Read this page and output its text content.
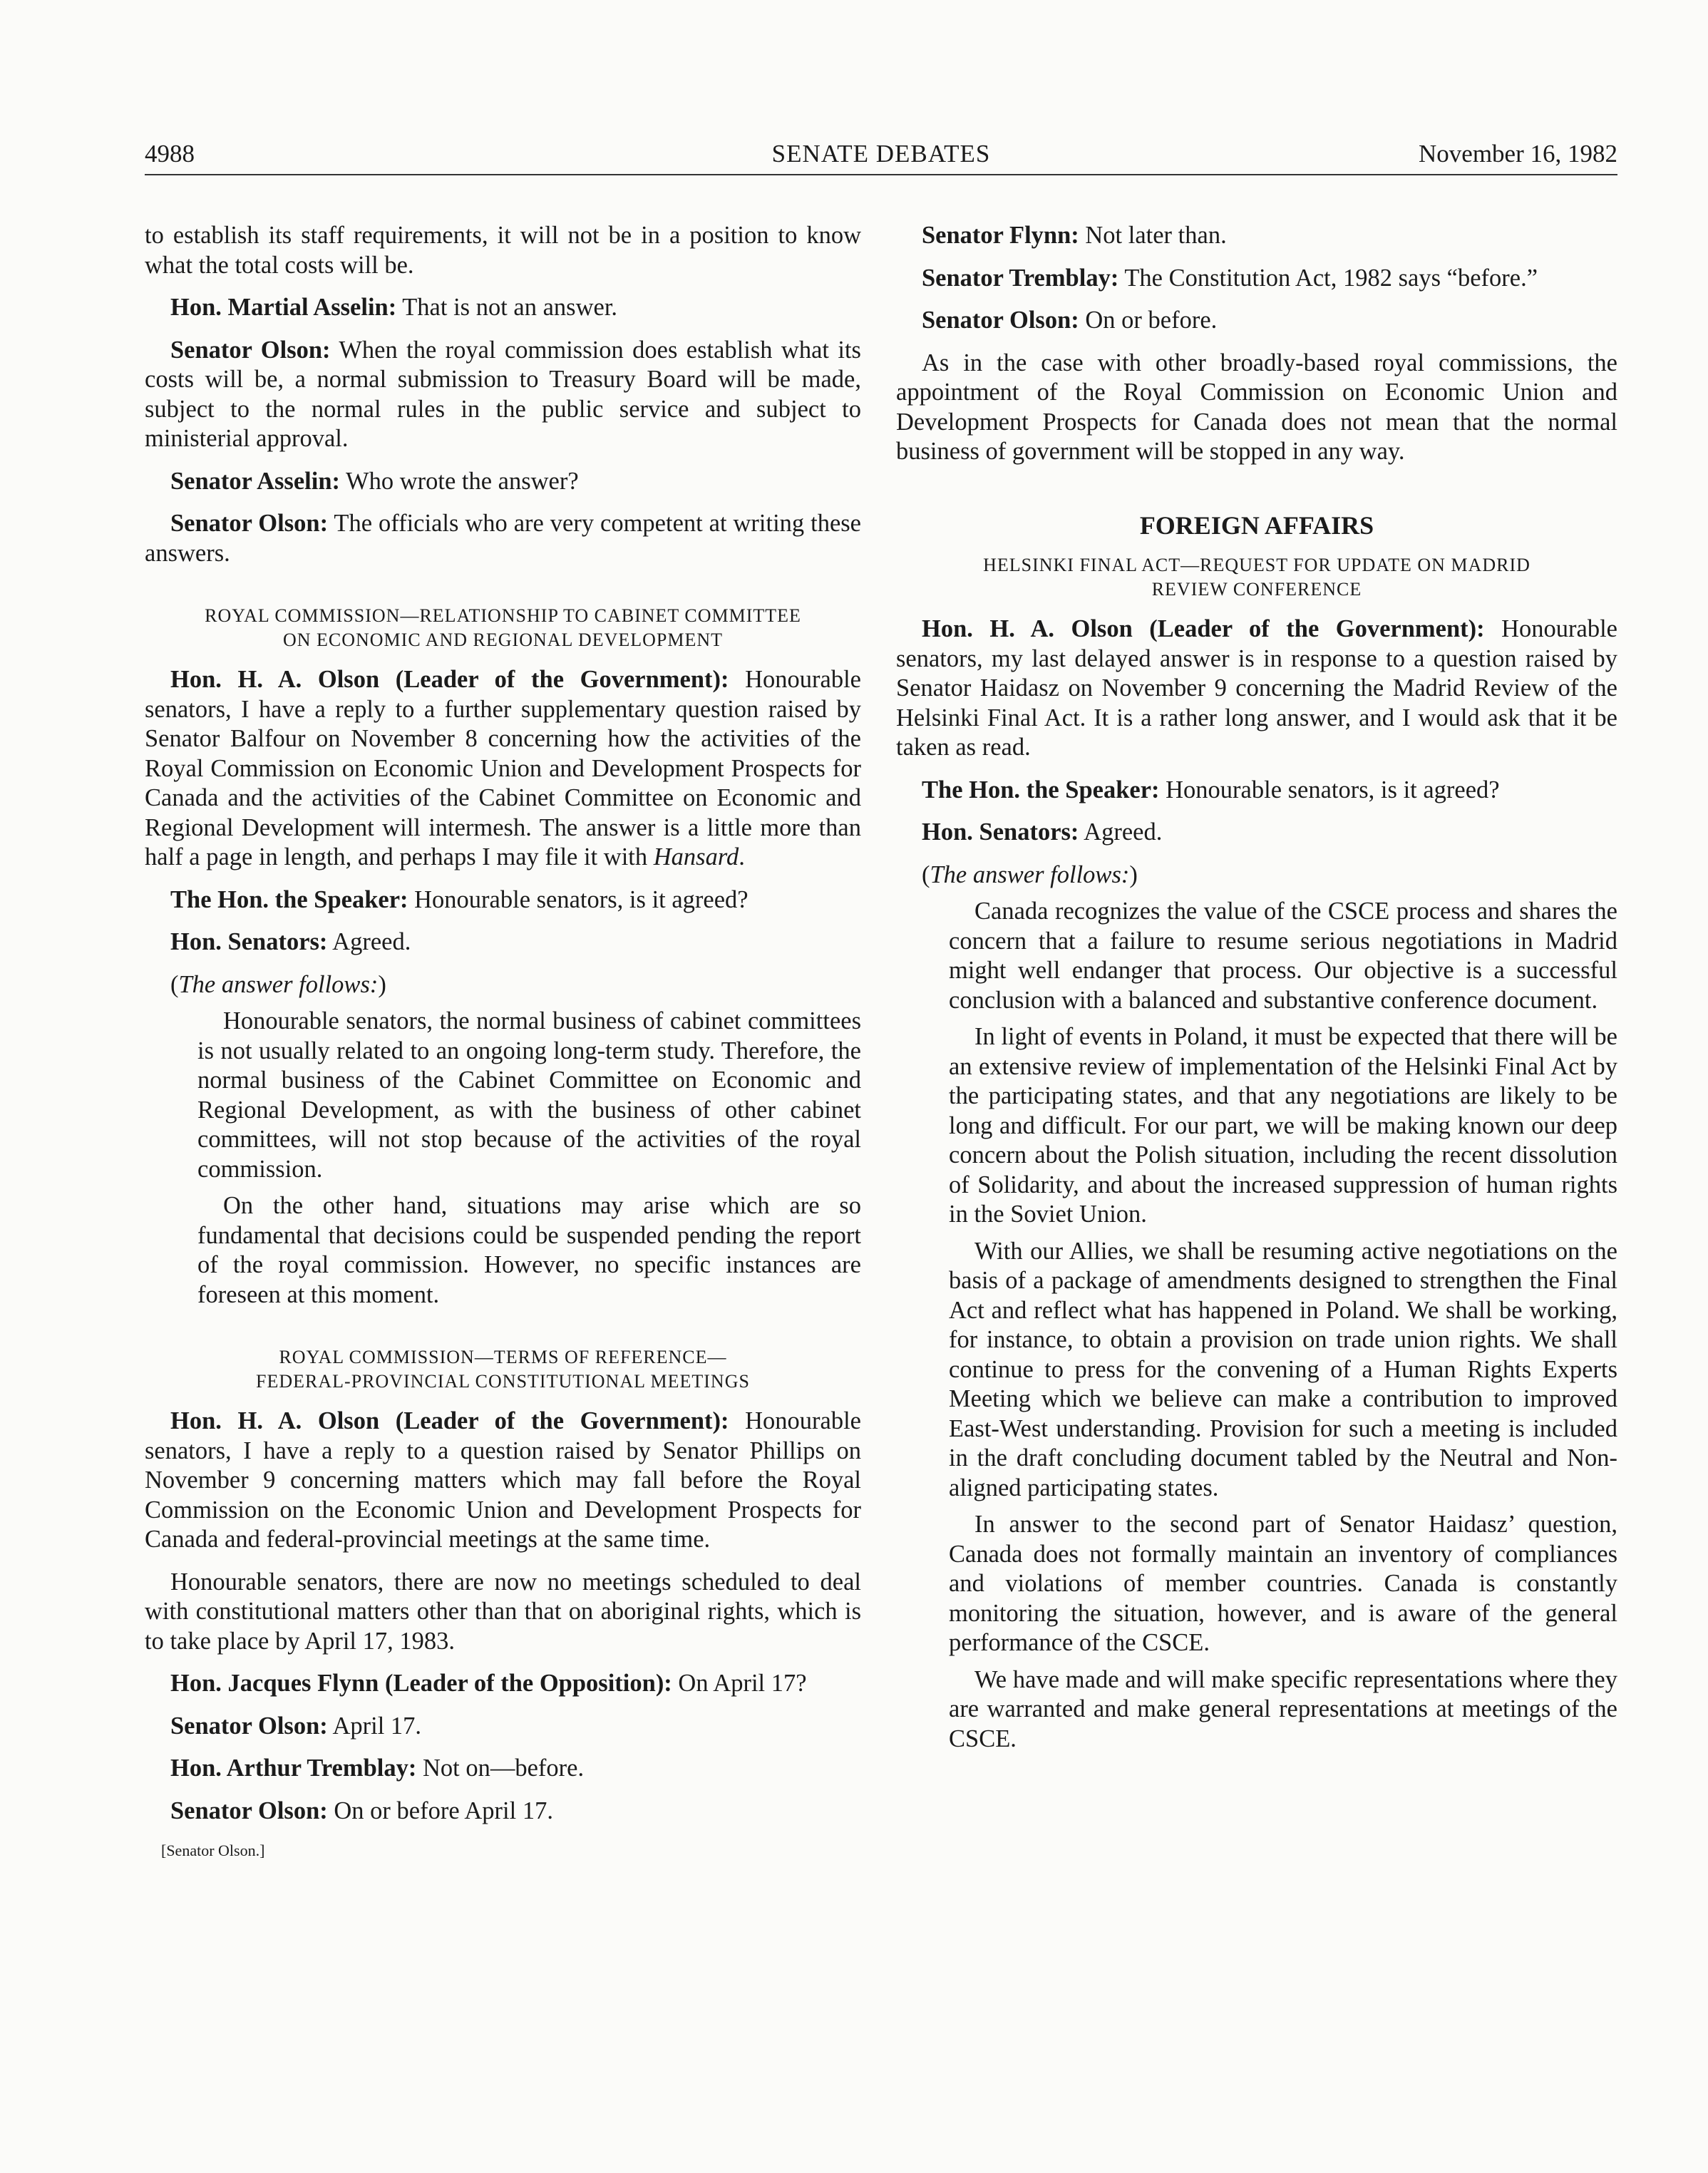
4988	SENATE DEBATES	November 16, 1982

to establish its staff requirements, it will not be in a position to know what the total costs will be.

Hon. Martial Asselin: That is not an answer.

Senator Olson: When the royal commission does establish what its costs will be, a normal submission to Treasury Board will be made, subject to the normal rules in the public service and subject to ministerial approval.

Senator Asselin: Who wrote the answer?

Senator Olson: The officials who are very competent at writing these answers.

ROYAL COMMISSION—RELATIONSHIP TO CABINET COMMITTEE
ON ECONOMIC AND REGIONAL DEVELOPMENT

Hon. H. A. Olson (Leader of the Government): Honourable senators, I have a reply to a further supplementary question raised by Senator Balfour on November 8 concerning how the activities of the Royal Commission on Economic Union and Development Prospects for Canada and the activities of the Cabinet Committee on Economic and Regional Development will intermesh. The answer is a little more than half a page in length, and perhaps I may file it with Hansard.

The Hon. the Speaker: Honourable senators, is it agreed?

Hon. Senators: Agreed.

(The answer follows:)

Honourable senators, the normal business of cabinet committees is not usually related to an ongoing long-term study. Therefore, the normal business of the Cabinet Committee on Economic and Regional Development, as with the business of other cabinet committees, will not stop because of the activities of the royal commission.

On the other hand, situations may arise which are so fundamental that decisions could be suspended pending the report of the royal commission. However, no specific instances are foreseen at this moment.

ROYAL COMMISSION—TERMS OF REFERENCE—
FEDERAL-PROVINCIAL CONSTITUTIONAL MEETINGS

Hon. H. A. Olson (Leader of the Government): Honourable senators, I have a reply to a question raised by Senator Phillips on November 9 concerning matters which may fall before the Royal Commission on the Economic Union and Development Prospects for Canada and federal-provincial meetings at the same time.

Honourable senators, there are now no meetings scheduled to deal with constitutional matters other than that on aboriginal rights, which is to take place by April 17, 1983.

Hon. Jacques Flynn (Leader of the Opposition): On April 17?

Senator Olson: April 17.

Hon. Arthur Tremblay: Not on—before.

Senator Olson: On or before April 17.

[Senator Olson.]

Senator Flynn: Not later than.

Senator Tremblay: The Constitution Act, 1982 says “before.”

Senator Olson: On or before.

As in the case with other broadly-based royal commissions, the appointment of the Royal Commission on Economic Union and Development Prospects for Canada does not mean that the normal business of government will be stopped in any way.

FOREIGN AFFAIRS
HELSINKI FINAL ACT—REQUEST FOR UPDATE ON MADRID
REVIEW CONFERENCE

Hon. H. A. Olson (Leader of the Government): Honourable senators, my last delayed answer is in response to a question raised by Senator Haidasz on November 9 concerning the Madrid Review of the Helsinki Final Act. It is a rather long answer, and I would ask that it be taken as read.

The Hon. the Speaker: Honourable senators, is it agreed?

Hon. Senators: Agreed.

(The answer follows:)

Canada recognizes the value of the CSCE process and shares the concern that a failure to resume serious negotiations in Madrid might well endanger that process. Our objective is a successful conclusion with a balanced and substantive conference document.

In light of events in Poland, it must be expected that there will be an extensive review of implementation of the Helsinki Final Act by the participating states, and that any negotiations are likely to be long and difficult. For our part, we will be making known our deep concern about the Polish situation, including the recent dissolution of Solidarity, and about the increased suppression of human rights in the Soviet Union.

With our Allies, we shall be resuming active negotiations on the basis of a package of amendments designed to strengthen the Final Act and reflect what has happened in Poland. We shall be working, for instance, to obtain a provision on trade union rights. We shall continue to press for the convening of a Human Rights Experts Meeting which we believe can make a contribution to improved East-West understanding. Provision for such a meeting is included in the draft concluding document tabled by the Neutral and Non-aligned participating states.

In answer to the second part of Senator Haidasz’ question, Canada does not formally maintain an inventory of compliances and violations of member countries. Canada is constantly monitoring the situation, however, and is aware of the general performance of the CSCE.

We have made and will make specific representations where they are warranted and make general representations at meetings of the CSCE.
